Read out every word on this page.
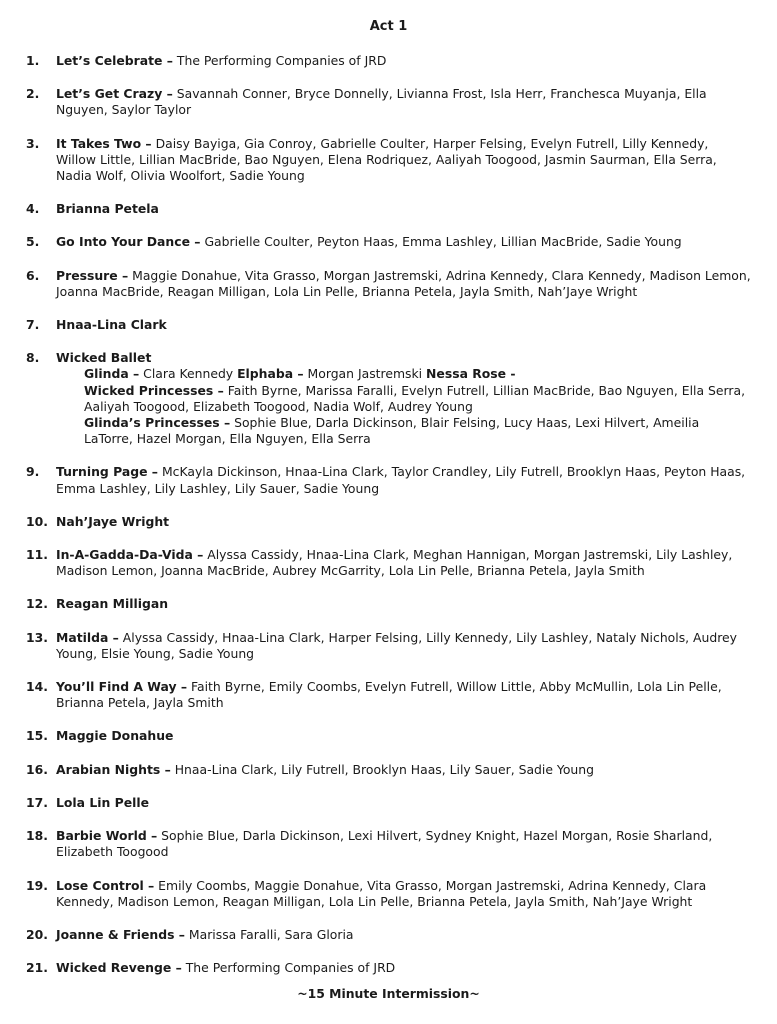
Act 1
1. Let’s Celebrate – The Performing Companies of JRD
2. Let’s Get Crazy – Savannah Conner, Bryce Donnelly, Livianna Frost, Isla Herr, Franchesca Muyanja, Ella Nguyen, Saylor Taylor
3. It Takes Two – Daisy Bayiga, Gia Conroy, Gabrielle Coulter, Harper Felsing, Evelyn Futrell, Lilly Kennedy, Willow Little, Lillian MacBride, Bao Nguyen, Elena Rodriquez, Aaliyah Toogood, Jasmin Saurman, Ella Serra, Nadia Wolf, Olivia Woolfort, Sadie Young
4. Brianna Petela
5. Go Into Your Dance – Gabrielle Coulter, Peyton Haas, Emma Lashley, Lillian MacBride, Sadie Young
6. Pressure – Maggie Donahue, Vita Grasso, Morgan Jastremski, Adrina Kennedy, Clara Kennedy, Madison Lemon, Joanna MacBride, Reagan Milligan, Lola Lin Pelle, Brianna Petela, Jayla Smith, Nah’Jaye Wright
7. Hnaa-Lina Clark
8. Wicked Ballet
Glinda – Clara Kennedy Elphaba – Morgan Jastremski Nessa Rose -
Wicked Princesses – Faith Byrne, Marissa Faralli, Evelyn Futrell, Lillian MacBride, Bao Nguyen, Ella Serra, Aaliyah Toogood, Elizabeth Toogood, Nadia Wolf, Audrey Young
Glinda’s Princesses – Sophie Blue, Darla Dickinson, Blair Felsing, Lucy Haas, Lexi Hilvert, Ameilia LaTorre, Hazel Morgan, Ella Nguyen, Ella Serra
9. Turning Page – McKayla Dickinson, Hnaa-Lina Clark, Taylor Crandley, Lily Futrell, Brooklyn Haas, Peyton Haas, Emma Lashley, Lily Lashley, Lily Sauer, Sadie Young
10. Nah’Jaye Wright
11. In-A-Gadda-Da-Vida – Alyssa Cassidy, Hnaa-Lina Clark, Meghan Hannigan, Morgan Jastremski, Lily Lashley, Madison Lemon, Joanna MacBride, Aubrey McGarrity, Lola Lin Pelle, Brianna Petela, Jayla Smith
12. Reagan Milligan
13. Matilda – Alyssa Cassidy, Hnaa-Lina Clark, Harper Felsing, Lilly Kennedy, Lily Lashley, Nataly Nichols, Audrey Young, Elsie Young, Sadie Young
14. You’ll Find A Way – Faith Byrne, Emily Coombs, Evelyn Futrell, Willow Little, Abby McMullin, Lola Lin Pelle, Brianna Petela, Jayla Smith
15. Maggie Donahue
16. Arabian Nights – Hnaa-Lina Clark, Lily Futrell, Brooklyn Haas, Lily Sauer, Sadie Young
17. Lola Lin Pelle
18. Barbie World – Sophie Blue, Darla Dickinson, Lexi Hilvert, Sydney Knight, Hazel Morgan, Rosie Sharland, Elizabeth Toogood
19. Lose Control – Emily Coombs, Maggie Donahue, Vita Grasso, Morgan Jastremski, Adrina Kennedy, Clara Kennedy, Madison Lemon, Reagan Milligan, Lola Lin Pelle, Brianna Petela, Jayla Smith, Nah’Jaye Wright
20. Joanne & Friends – Marissa Faralli, Sara Gloria
21. Wicked Revenge – The Performing Companies of JRD
~15 Minute Intermission~
